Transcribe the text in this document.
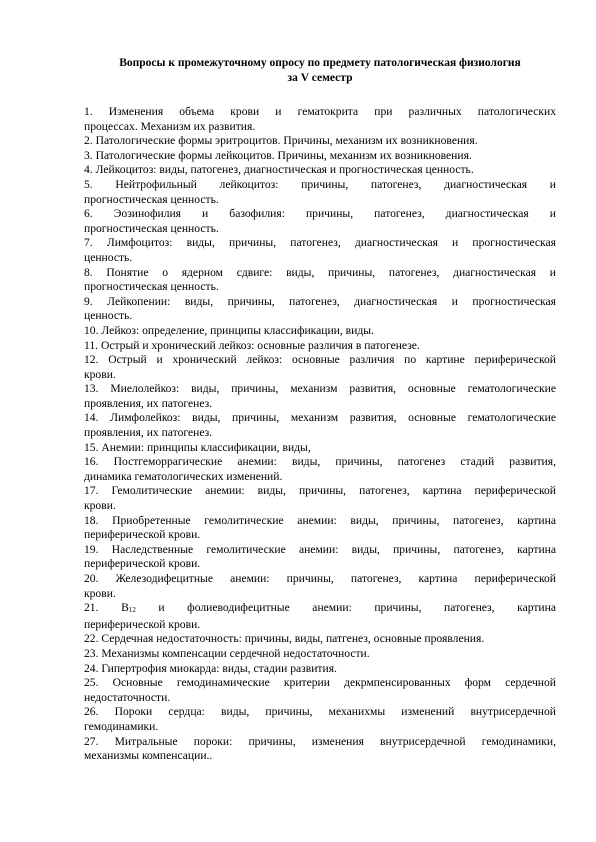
Вопросы к промежуточному опросу по предмету патологическая физиология

за V семестр

1. Изменения объема крови и гематокрита при различных патологических
процессах. Механизм их развития.
2. Патологические формы эритроцитов. Причины, механизм их возникновения.
3. Патологические формы лейкоцитов. Причины, механизм их возникновения.
4. Лейкоцитоз: виды, патогенез, диагностическая и прогностическая ценность.
5. Нейтрофильный лейкоцитоз: причины, патогенез, диагностическая и
прогностическая ценность.
6. Эозинофилия и базофилия: причины, патогенез, диагностическая и
прогностическая ценность.
7. Лимфоцитоз: виды, причины, патогенез, диагностическая и прогностическая
ценность.
8. Понятие о ядерном сдвиге: виды, причины, патогенез, диагностическая и
прогностическая ценность.
9. Лейкопении: виды, причины, патогенез, диагностическая и прогностическая
ценность.
10. Лейкоз: определение, принципы классификации, виды.
11. Острый и хронический лейкоз: основные различия в патогенезе.
12. Острый и хронический лейкоз: основные различия по картине периферической
крови.
13. Миелолейкоз: виды, причины, механизм развития, основные гематологические
проявления, их патогенез.
14. Лимфолейкоз: виды, причины, механизм развития, основные гематологические
проявления, их патогенез.
15. Анемии: принципы классификации, виды,
16. Постгеморрагические анемии: виды, причины, патогенез стадий развития,
динамика гематологических изменений.
17. Гемолитические анемии: виды, причины, патогенез, картина периферической
крови.
18. Приобретенные гемолитические анемии: виды, причины, патогенез, картина
периферической крови.
19. Наследственные гемолитические анемии: виды, причины, патогенез, картина
периферической крови.
20. Железодифецитные анемии: причины, патогенез, картина периферической
крови.
21. В12 и фолиеводифецитные анемии: причины, патогенез, картина
периферической крови.
22. Сердечная недостаточность: причины, виды, патгенез, основные проявления.
23. Механизмы компенсации сердечной недостаточности.
24. Гипертрофия миокарда: виды, стадии развития.
25. Основные гемодинамические критерии декрмпенсированных форм сердечной
недостаточности.
26. Пороки сердца: виды, причины, механихмы изменений внутрисердечной
гемодинамики.
27. Митральные пороки: причины, изменения внутрисердечной гемодинамики,
механизмы компенсации..
